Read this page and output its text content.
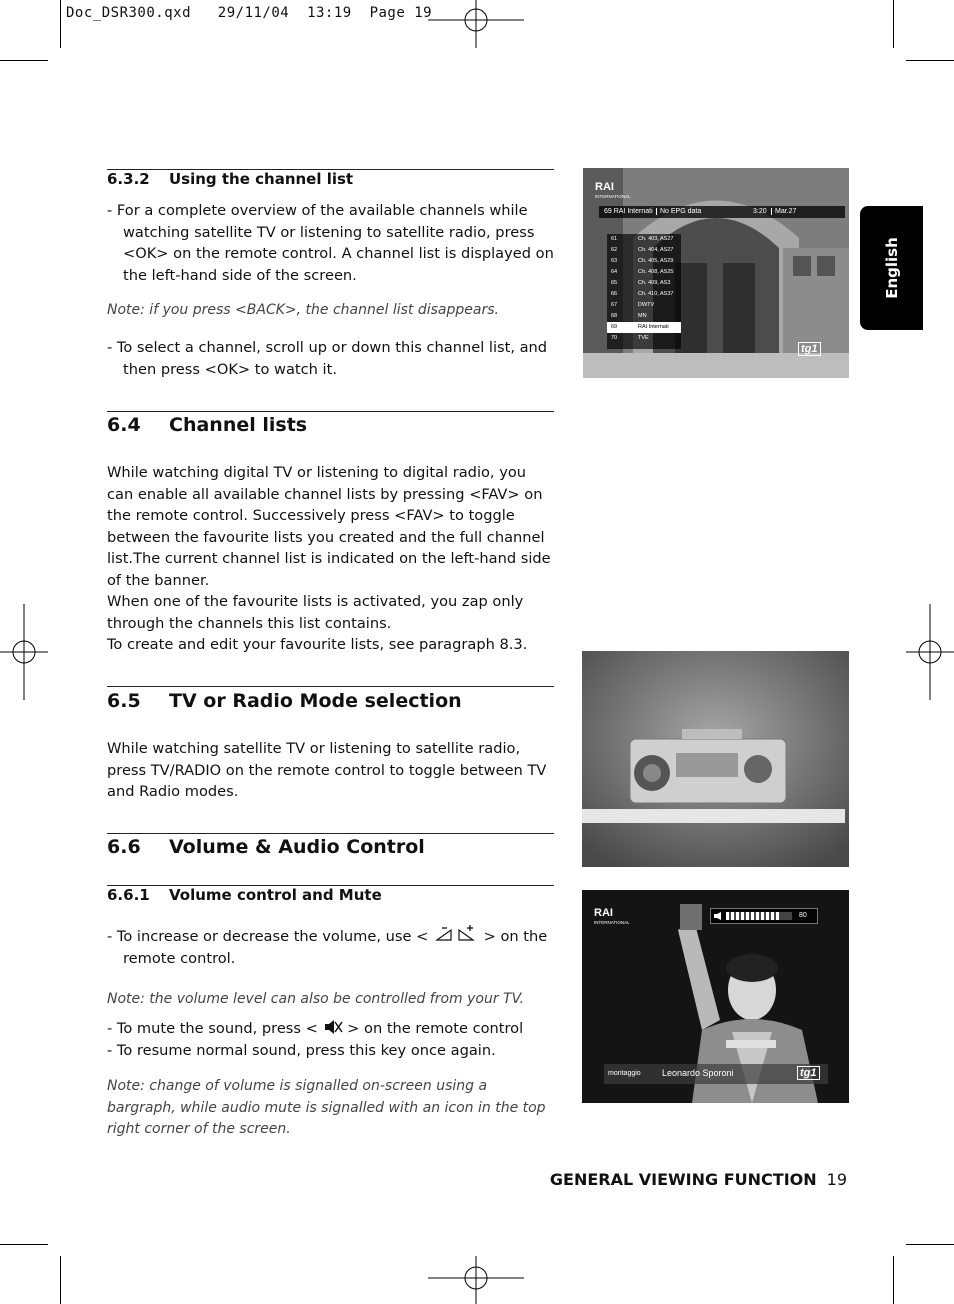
Doc_DSR300.qxd   29/11/04  13:19  Page 19
English
6.3.2 Using the channel list

- For a complete overview of the available channels while watching satellite TV or listening to satellite radio, press <OK> on the remote control. A channel list is displayed on the left-hand side of the screen.

Note: if you press <BACK>, the channel list disappears.

- To select a channel, scroll up or down this channel list, and then press <OK> to watch it.

6.4 Channel lists

While watching digital TV or listening to digital radio, you can enable all available channel lists by pressing <FAV> on the remote control. Successively press <FAV> to toggle between the favourite lists you created and the full channel list.The current channel list is indicated on the left-hand side of the banner.

When one of the favourite lists is activated, you zap only through the channels this list contains.

To create and edit your favourite lists, see paragraph 8.3.

6.5 TV or Radio Mode selection

While watching satellite TV or listening to satellite radio, press TV/RADIO on the remote control to toggle between TV and Radio modes.

6.6 Volume & Audio Control
6.6.1 Volume control and Mute

- To increase or decrease the volume, use <	> on the remote control.

Note: the volume level can also be controlled from your TV.

- To mute the sound, press < > on the remote control

- To resume normal sound, press this key once again.

Note: change of volume is signalled on-screen using a bargraph, while audio mute is signalled with an icon in the top right corner of the screen.

RAI
INTERNATIONAL
69 RAI Internati	No EPG data	3:20	Mar.27
61	Ch. 403, AS27
62	Ch. 404, AS27
63	Ch. 405, AS29
64	Ch. 408, AS25
65	Ch. 409, AS3
66	Ch. 410, AS37
67	DWTV
68	MN
69	RAI Internati
70	TVE
tg1
RAI
INTERNATIONAL
80
montaggio Leonardo Sporoni	tg1
GENERAL VIEWING FUNCTION 19
